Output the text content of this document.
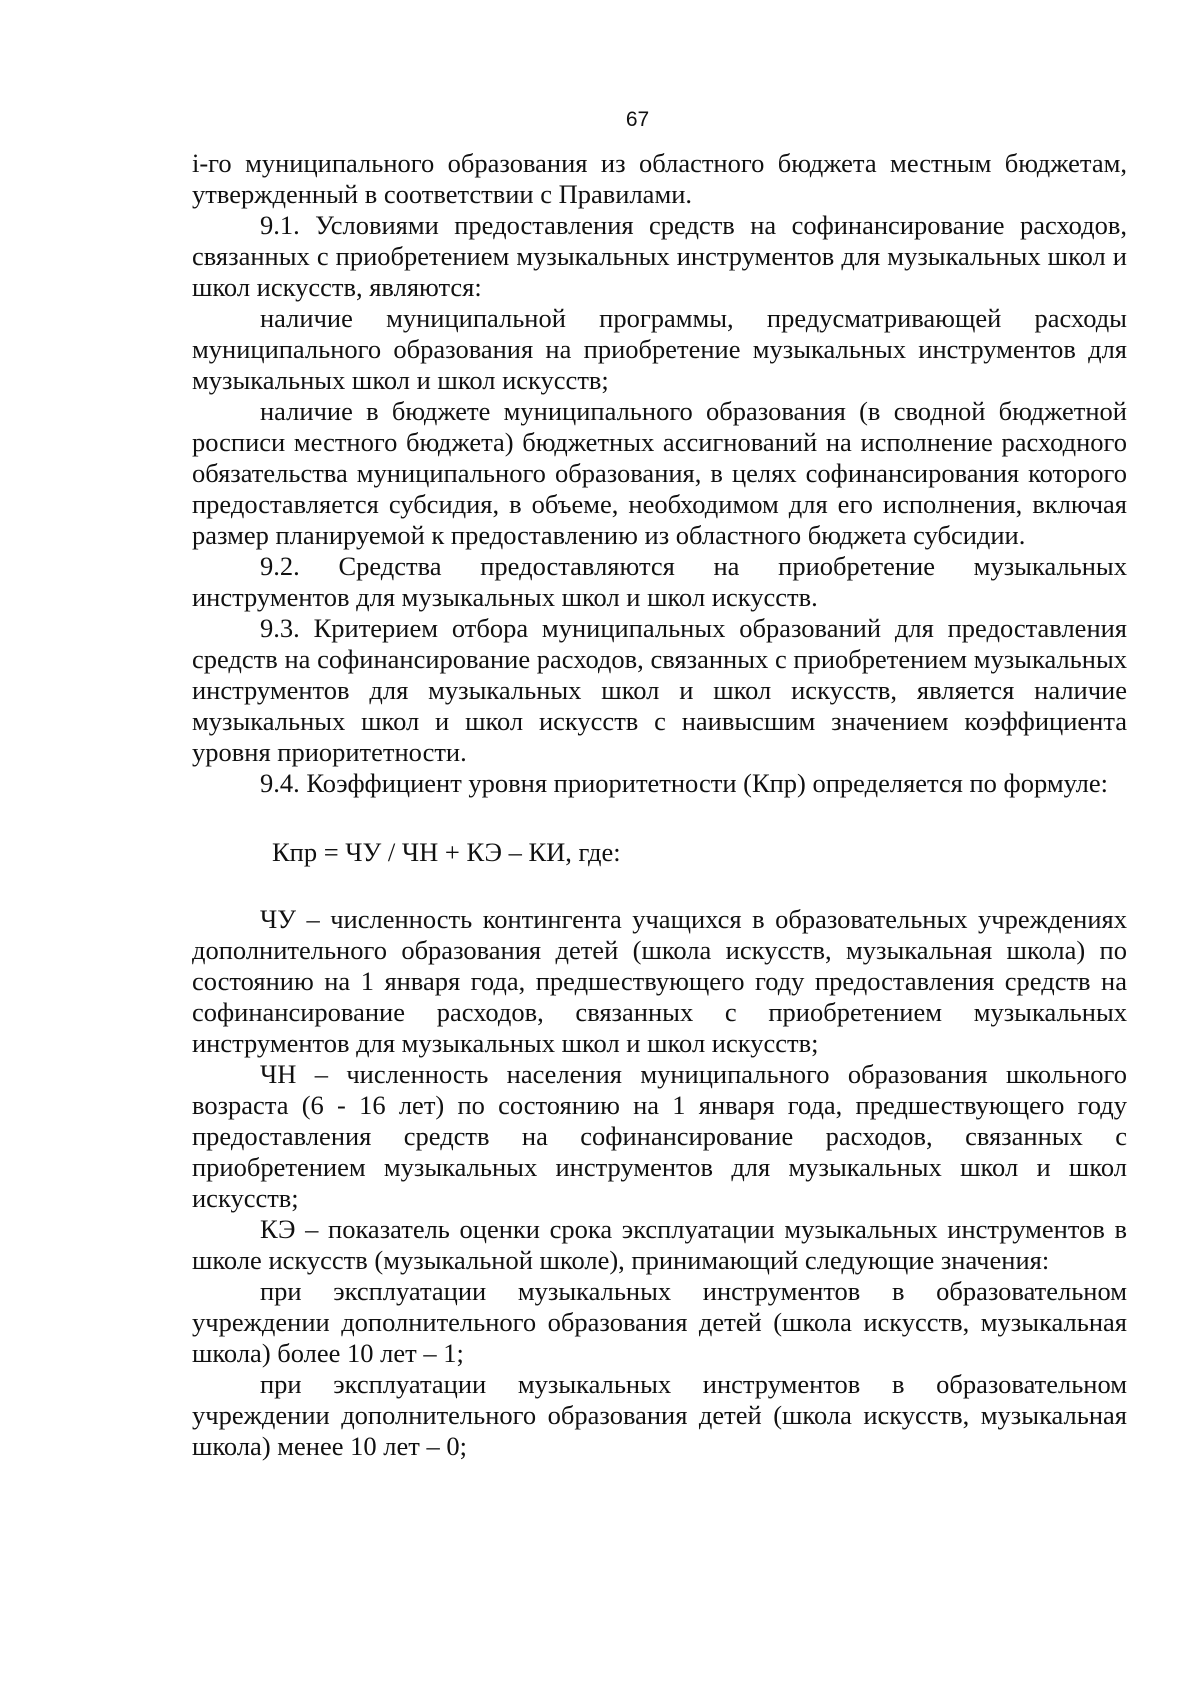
67

i-го муниципального образования из областного бюджета местным бюджетам, утвержденный в соответствии с Правилами.

9.1. Условиями предоставления средств на софинансирование расходов, связанных с приобретением музыкальных инструментов для музыкальных школ и школ искусств, являются:

наличие муниципальной программы, предусматривающей расходы муниципального образования на приобретение музыкальных инструментов для музыкальных школ и школ искусств;

наличие в бюджете муниципального образования (в сводной бюджетной росписи местного бюджета) бюджетных ассигнований на исполнение расходного обязательства муниципального образования, в целях софинансирования которого предоставляется субсидия, в объеме, необходимом для его исполнения, включая размер планируемой к предоставлению из областного бюджета субсидии.

9.2. Средства предоставляются на приобретение музыкальных инструментов для музыкальных школ и школ искусств.

9.3. Критерием отбора муниципальных образований для предоставления средств на софинансирование расходов, связанных с приобретением музыкальных инструментов для музыкальных школ и школ искусств, является наличие музыкальных школ и школ искусств с наивысшим значением коэффициента уровня приоритетности.

9.4. Коэффициент уровня приоритетности (Кпр) определяется по формуле:

Кпр = ЧУ / ЧН + КЭ – КИ, где:

ЧУ – численность контингента учащихся в образовательных учреждениях дополнительного образования детей (школа искусств, музыкальная школа) по состоянию на 1 января года, предшествующего году предоставления средств на софинансирование расходов, связанных с приобретением музыкальных инструментов для музыкальных школ и школ искусств;

ЧН – численность населения муниципального образования школьного возраста (6 - 16 лет) по состоянию на 1 января года, предшествующего году предоставления средств на софинансирование расходов, связанных с приобретением музыкальных инструментов для музыкальных школ и школ искусств;

КЭ – показатель оценки срока эксплуатации музыкальных инструментов в школе искусств (музыкальной школе), принимающий следующие значения:

при эксплуатации музыкальных инструментов в образовательном учреждении дополнительного образования детей (школа искусств, музыкальная школа) более 10 лет – 1;

при эксплуатации музыкальных инструментов в образовательном учреждении дополнительного образования детей (школа искусств, музыкальная школа) менее 10 лет – 0;
